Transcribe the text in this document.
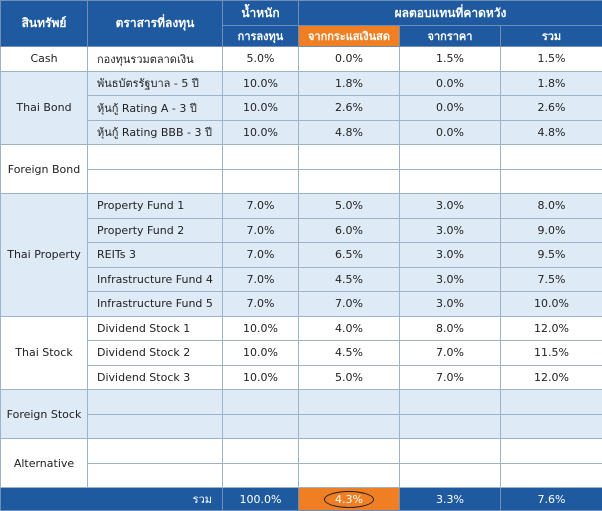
สินทรัพย์	ตราสารที่ลงทุน	น้ำหนัก	ผลตอบแทนที่คาดหวัง		
		การลงทุน	จากกระแสเงินสด	จากราคา	รวม
Cash	กองทุนรวมตลาดเงิน	5.0%	0.0%	1.5%	1.5%
Thai Bond	พันธบัตรรัฐบาล - 5 ปี	10.0%	1.8%	0.0%	1.8%
	หุ้นกู้ Rating A - 3 ปี	10.0%	2.6%	0.0%	2.6%
	หุ้นกู้ Rating BBB - 3 ปี	10.0%	4.8%	0.0%	4.8%
Foreign Bond					

Thai Property	Property Fund 1	7.0%	5.0%	3.0%	8.0%
	Property Fund 2	7.0%	6.0%	3.0%	9.0%
	REITs 3	7.0%	6.5%	3.0%	9.5%
	Infrastructure Fund 4	7.0%	4.5%	3.0%	7.5%
	Infrastructure Fund 5	7.0%	7.0%	3.0%	10.0%
Thai Stock	Dividend Stock 1	10.0%	4.0%	8.0%	12.0%
	Dividend Stock 2	10.0%	4.5%	7.0%	11.5%
	Dividend Stock 3	10.0%	5.0%	7.0%	12.0%
Foreign Stock					

Alternative					

รวม		100.0%	4.3%	3.3%	7.6%
